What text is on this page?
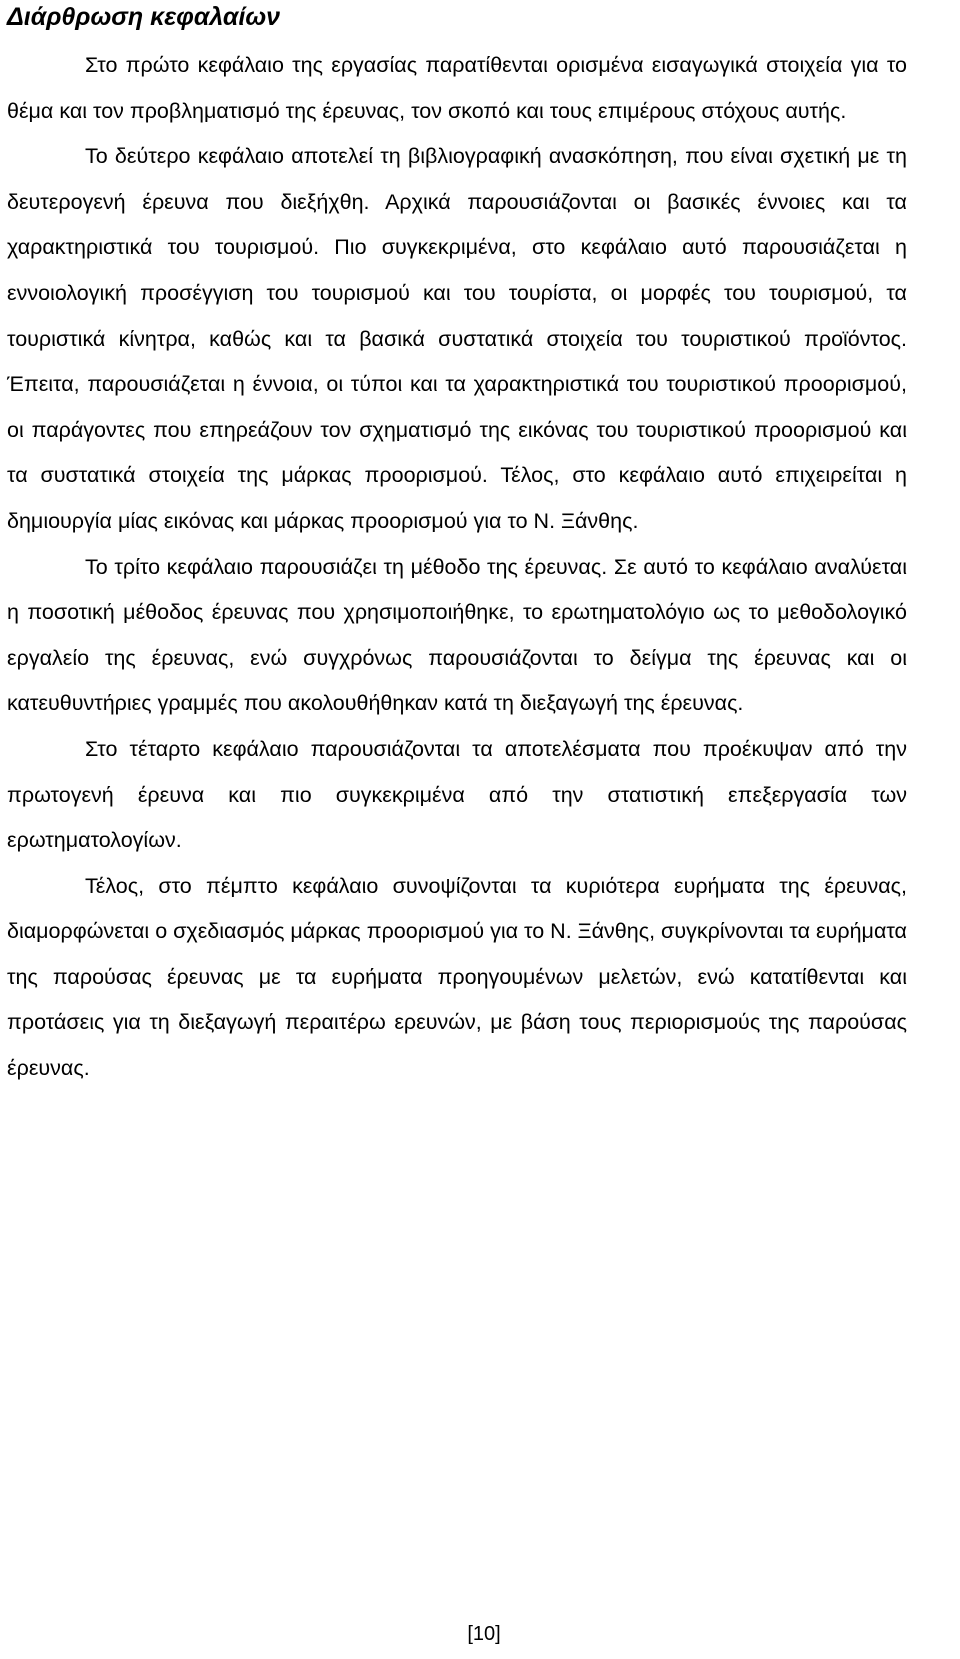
Διάρθρωση κεφαλαίων

Στο πρώτο κεφάλαιο της εργασίας παρατίθενται ορισμένα εισαγωγικά στοιχεία για το θέμα και τον προβληματισμό της έρευνας, τον σκοπό και τους επιμέρους στόχους αυτής.

Το δεύτερο κεφάλαιο αποτελεί τη βιβλιογραφική ανασκόπηση, που είναι σχετική με τη δευτερογενή έρευνα που διεξήχθη. Αρχικά παρουσιάζονται οι βασικές έννοιες και τα χαρακτηριστικά του τουρισμού. Πιο συγκεκριμένα, στο κεφάλαιο αυτό παρουσιάζεται η εννοιολογική προσέγγιση του τουρισμού και του τουρίστα, οι μορφές του τουρισμού, τα τουριστικά κίνητρα, καθώς και τα βασικά συστατικά στοιχεία του τουριστικού προϊόντος. Έπειτα, παρουσιάζεται η έννοια, οι τύποι και τα χαρακτηριστικά του τουριστικού προορισμού, οι παράγοντες που επηρεάζουν τον σχηματισμό της εικόνας του τουριστικού προορισμού και τα συστατικά στοιχεία της μάρκας προορισμού. Τέλος, στο κεφάλαιο αυτό επιχειρείται η δημιουργία μίας εικόνας και μάρκας προορισμού για το Ν. Ξάνθης.

Το τρίτο κεφάλαιο παρουσιάζει τη μέθοδο της έρευνας. Σε αυτό το κεφάλαιο αναλύεται η ποσοτική μέθοδος έρευνας που χρησιμοποιήθηκε, το ερωτηματολόγιο ως το μεθοδολογικό εργαλείο της έρευνας, ενώ συγχρόνως παρουσιάζονται το δείγμα της έρευνας και οι κατευθυντήριες γραμμές που ακολουθήθηκαν κατά τη διεξαγωγή της έρευνας.

Στο τέταρτο κεφάλαιο παρουσιάζονται τα αποτελέσματα που προέκυψαν από την πρωτογενή έρευνα και πιο συγκεκριμένα από την στατιστική επεξεργασία των ερωτηματολογίων.

Τέλος, στο πέμπτο κεφάλαιο συνοψίζονται τα κυριότερα ευρήματα της έρευνας, διαμορφώνεται ο σχεδιασμός μάρκας προορισμού για το Ν. Ξάνθης, συγκρίνονται τα ευρήματα της παρούσας έρευνας με τα ευρήματα προηγουμένων μελετών, ενώ κατατίθενται και προτάσεις για τη διεξαγωγή περαιτέρω ερευνών, με βάση τους περιορισμούς της παρούσας έρευνας.

[10]
